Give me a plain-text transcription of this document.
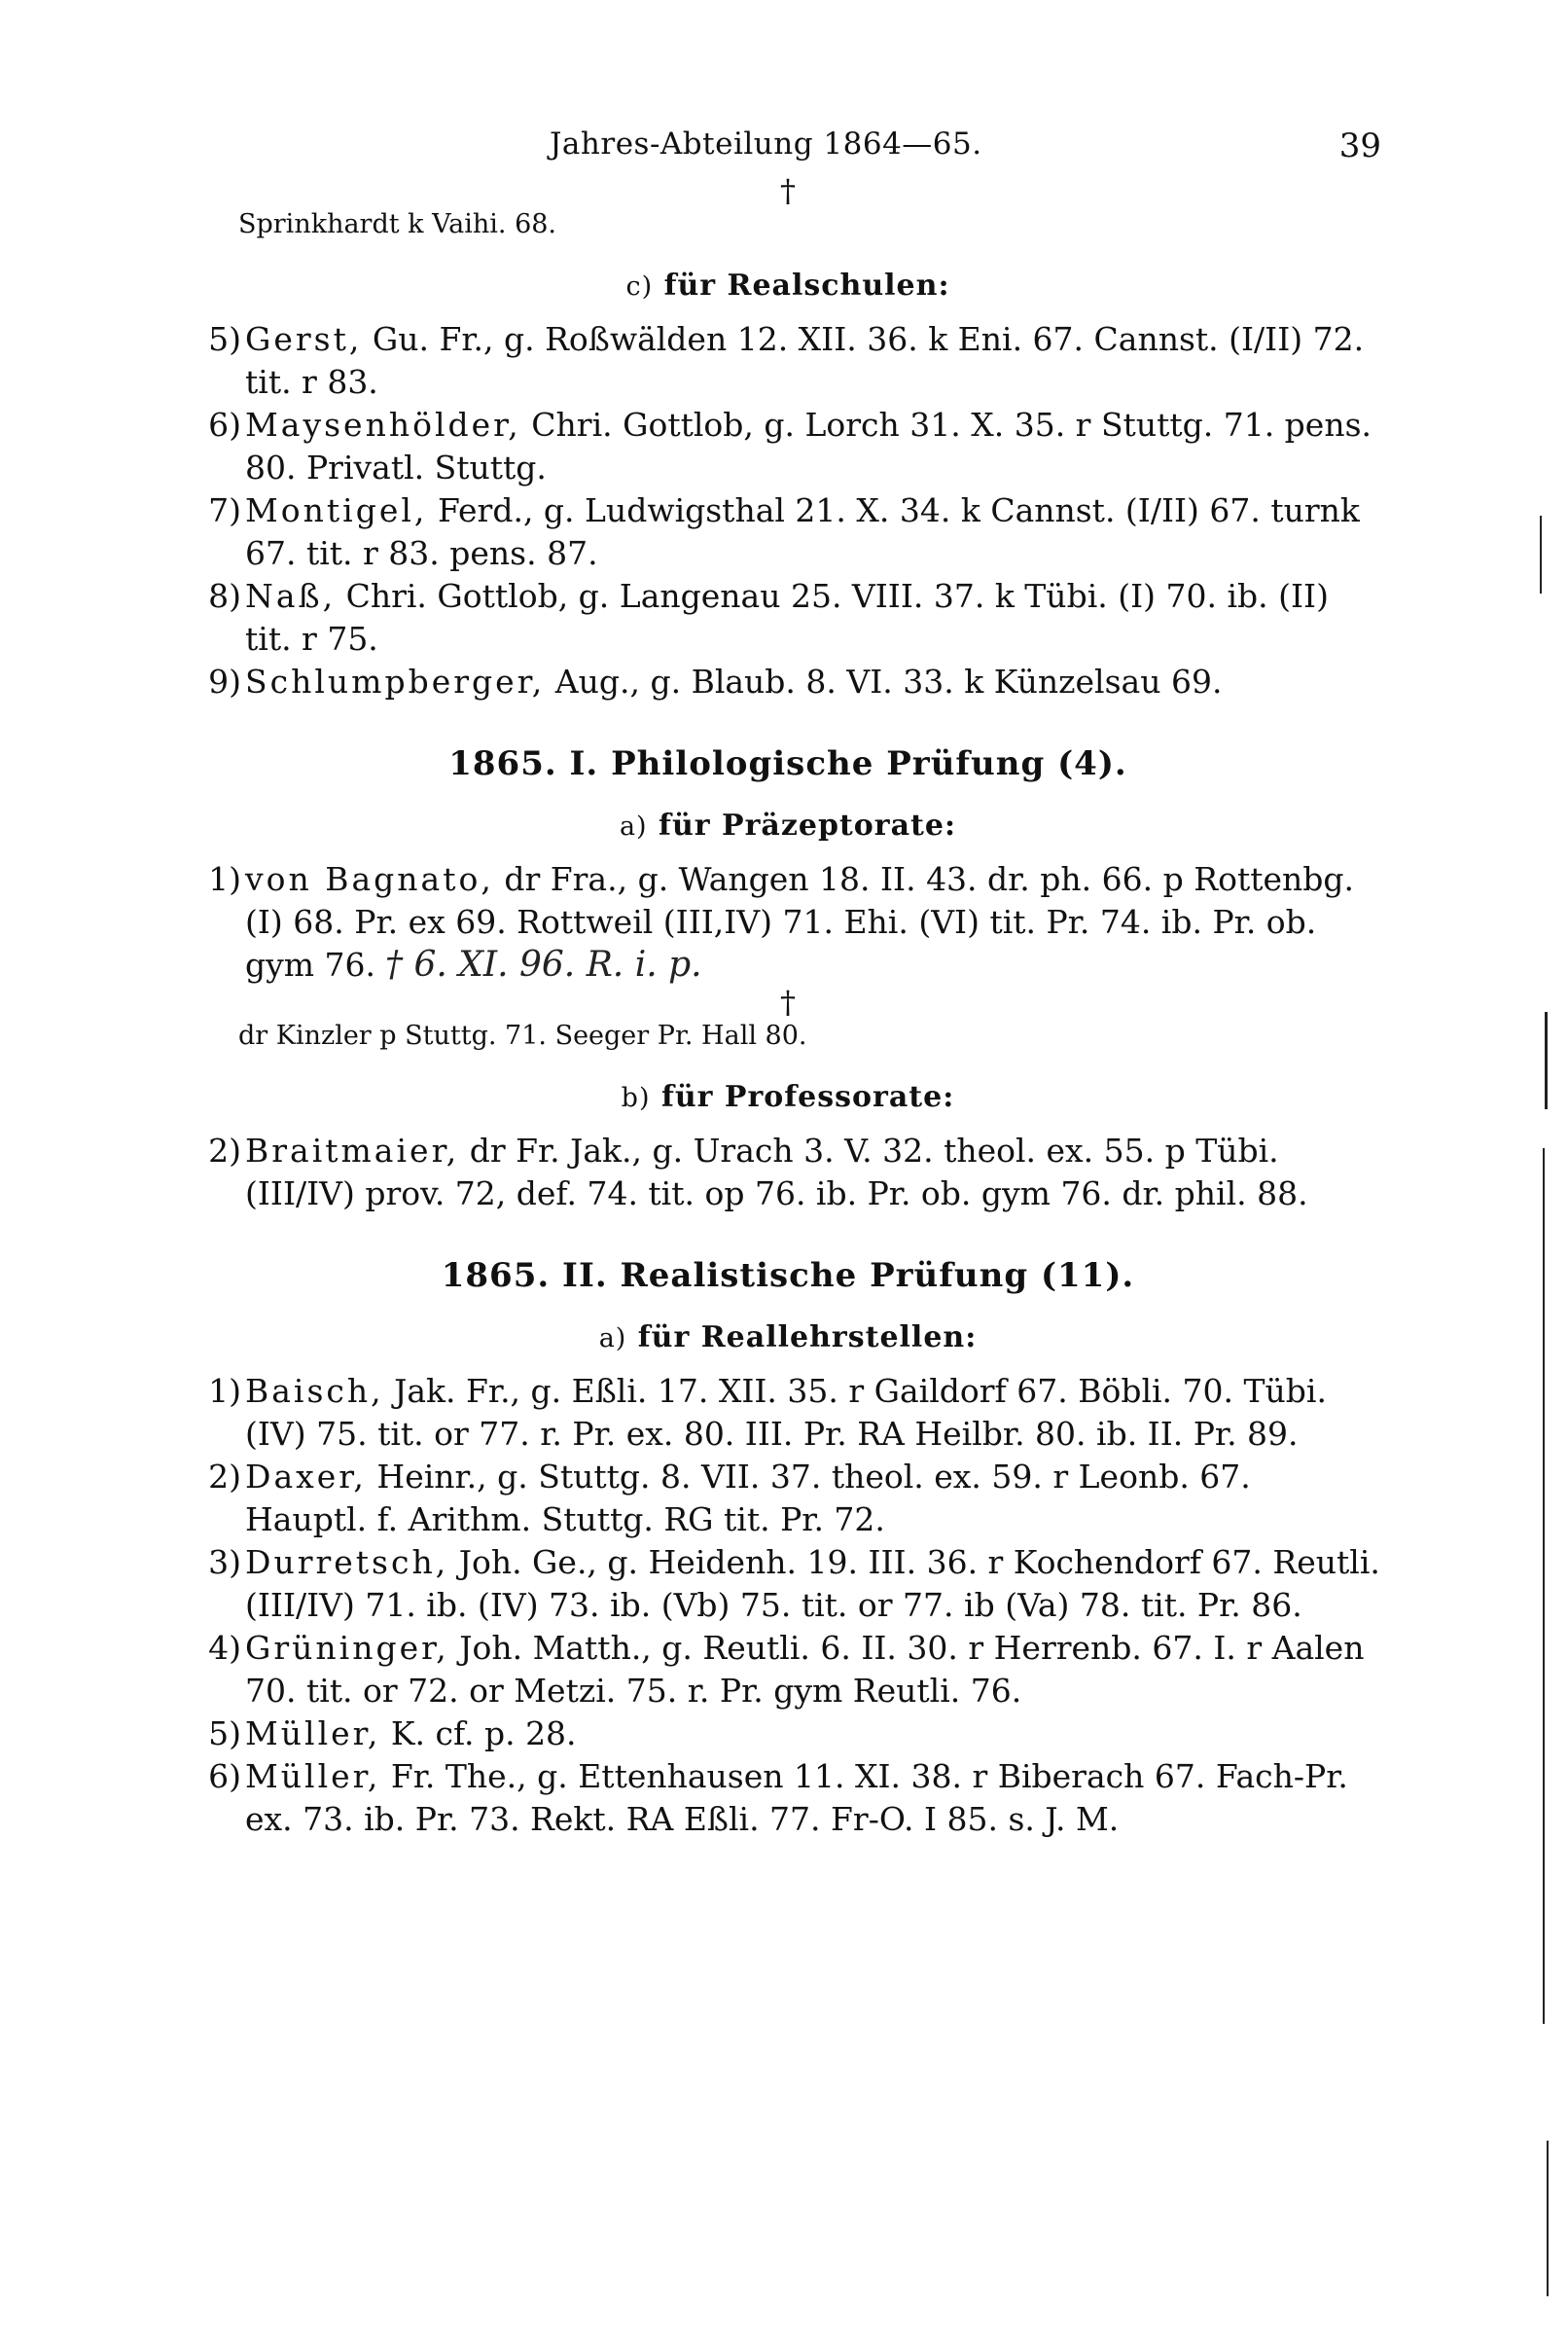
Jahres-Abteilung 1864—65.	39
†
Sprinkhardt k Vaihi. 68.
c) für Realschulen:

5) Gerst, Gu. Fr., g. Roßwälden 12. XII. 36. k Eni. 67. Cannst. (I/II) 72. tit. r 83.

6) Maysenhölder, Chri. Gottlob, g. Lorch 31. X. 35. r Stuttg. 71. pens. 80. Privatl. Stuttg.

7) Montigel, Ferd., g. Ludwigsthal 21. X. 34. k Cannst. (I/II) 67. turnk 67. tit. r 83. pens. 87.

8) Naß, Chri. Gottlob, g. Langenau 25. VIII. 37. k Tübi. (I) 70. ib. (II) tit. r 75.

9) Schlumpberger, Aug., g. Blaub. 8. VI. 33. k Künzelsau 69.

1865. I. Philologische Prüfung (4).
a) für Präzeptorate:

1) von Bagnato, dr Fra., g. Wangen 18. II. 43. dr. ph. 66. p Rottenbg. (I) 68. Pr. ex 69. Rottweil (III,IV) 71. Ehi. (VI) tit. Pr. 74. ib. Pr. ob. gym 76. † 6. XI. 96. R. i. p.

†
dr Kinzler p Stuttg. 71. Seeger Pr. Hall 80.
b) für Professorate:

2) Braitmaier, dr Fr. Jak., g. Urach 3. V. 32. theol. ex. 55. p Tübi. (III/IV) prov. 72, def. 74. tit. op 76. ib. Pr. ob. gym 76. dr. phil. 88.

1865. II. Realistische Prüfung (11).
a) für Reallehrstellen:

1) Baisch, Jak. Fr., g. Eßli. 17. XII. 35. r Gaildorf 67. Böbli. 70. Tübi. (IV) 75. tit. or 77. r. Pr. ex. 80. III. Pr. RA Heilbr. 80. ib. II. Pr. 89.

2) Daxer, Heinr., g. Stuttg. 8. VII. 37. theol. ex. 59. r Leonb. 67. Hauptl. f. Arithm. Stuttg. RG tit. Pr. 72.

3) Durretsch, Joh. Ge., g. Heidenh. 19. III. 36. r Kochendorf 67. Reutli. (III/IV) 71. ib. (IV) 73. ib. (Vb) 75. tit. or 77. ib (Va) 78. tit. Pr. 86.

4) Grüninger, Joh. Matth., g. Reutli. 6. II. 30. r Herrenb. 67. I. r Aalen 70. tit. or 72. or Metzi. 75. r. Pr. gym Reutli. 76.

5) Müller, K. cf. p. 28.

6) Müller, Fr. The., g. Ettenhausen 11. XI. 38. r Biberach 67. Fach-Pr. ex. 73. ib. Pr. 73. Rekt. RA Eßli. 77. Fr-O. I 85. s. J. M.
